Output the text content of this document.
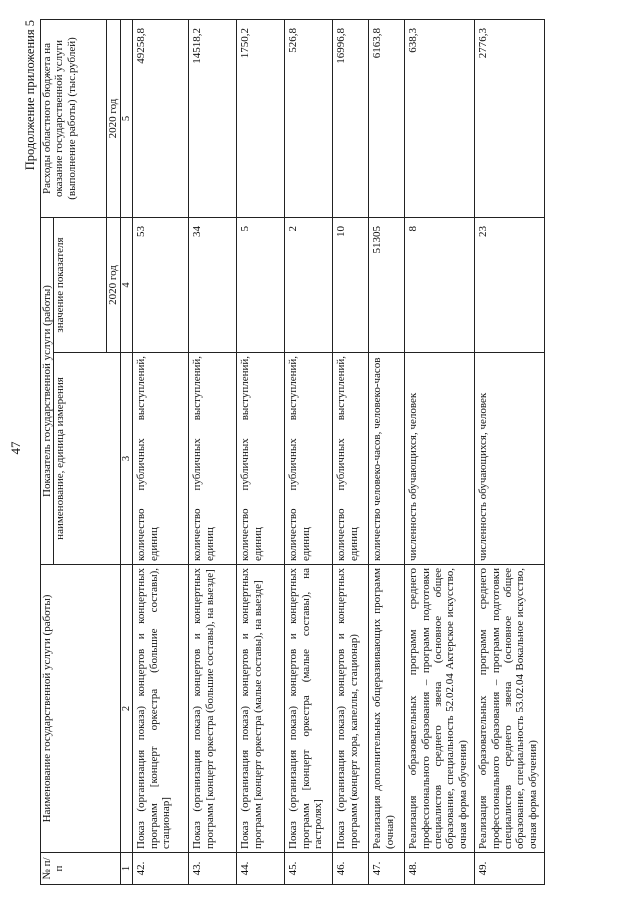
47
Продолжение приложения 5
№ п/п	Наименование государственной услуги (работы)	Показатель государственной услуги (работы)		Расходы областного бюджета на оказание государственной услуги (выполнение работы) (тыс.рублей)
		наименование, единица измерения	значение показателя	
			2020 год	2020 год
1	2	3	4	5
42.	Показ (организация показа) концертов и концертных программ [концерт оркестра (большие составы), стационар]	количество публичных выступлений, единиц	53	49258,8
43.	Показ (организация показа) концертов и концертных программ [концерт оркестра (большие составы), на выезде]	количество публичных выступлений, единиц	34	14518,2
44.	Показ (организация показа) концертов и концертных программ [концерт оркестра (малые составы), на выезде]	количество публичных выступлений, единиц	5	1750,2
45.	Показ (организация показа) концертов и концертных программ [концерт оркестра (малые составы), на гастролях]	количество публичных выступлений, единиц	2	526,8
46.	Показ (организация показа) концертов и концертных программ (концерт хора, капеллы, стационар)	количество публичных выступлений, единиц	10	16996,8
47.	Реализация дополнительных общеразвивающих программ (очная)	количество человеко-часов, человеко-часов	51305	6163,8
48.	Реализация образовательных программ среднего профессионального образования – программ подготовки специалистов среднего звена (основное общее образование, специальность 52.02.04 Актерское искусство, очная форма обучения)	численность обучающихся, человек	8	638,3
49.	Реализация образовательных программ среднего профессионального образования – программ подготовки специалистов среднего звена (основное общее образование, специальность 53.02.04 Вокальное искусство, очная форма обучения)	численность обучающихся, человек	23	2776,3
